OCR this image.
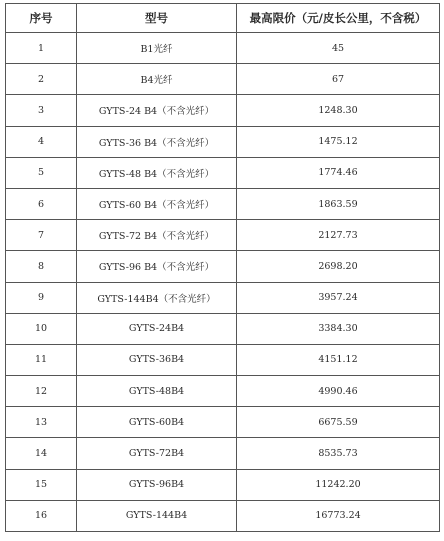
序号	型号	最高限价（元/皮长公里，不含税）
1	B1光纤	45
2	B4光纤	67
3	GYTS-24 B4（不含光纤）	1248.30
4	GYTS-36 B4（不含光纤）	1475.12
5	GYTS-48 B4（不含光纤）	1774.46
6	GYTS-60 B4（不含光纤）	1863.59
7	GYTS-72 B4（不含光纤）	2127.73
8	GYTS-96 B4（不含光纤）	2698.20
9	GYTS-144B4（不含光纤）	3957.24
10	GYTS-24B4	3384.30
11	GYTS-36B4	4151.12
12	GYTS-48B4	4990.46
13	GYTS-60B4	6675.59
14	GYTS-72B4	8535.73
15	GYTS-96B4	11242.20
16	GYTS-144B4	16773.24
